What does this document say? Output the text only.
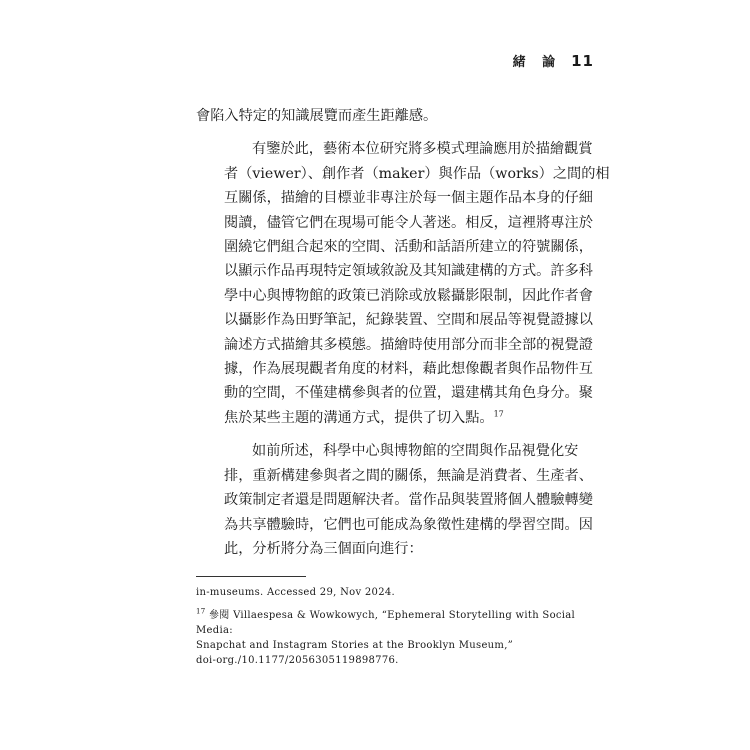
緒 論 11

會陷入特定的知識展覽而產生距離感。

有鑒於此，藝術本位研究將多模式理論應用於描繪觀賞
者（viewer）、創作者（maker）與作品（works）之間的相
互關係，描繪的目標並非專注於每一個主題作品本身的仔細
閱讀，儘管它們在現場可能令人著迷。相反，這裡將專注於
圍繞它們組合起來的空間、活動和話語所建立的符號關係，
以顯示作品再現特定領域敘說及其知識建構的方式。許多科
學中心與博物館的政策已消除或放鬆攝影限制，因此作者會
以攝影作為田野筆記，紀錄裝置、空間和展品等視覺證據以
論述方式描繪其多模態。描繪時使用部分而非全部的視覺證
據，作為展現觀者角度的材料，藉此想像觀者與作品物件互
動的空間，不僅建構參與者的位置，還建構其角色身分。聚
焦於某些主題的溝通方式，提供了切入點。$^{17}$

如前所述，科學中心與博物館的空間與作品視覺化安
排，重新構建參與者之間的關係，無論是消費者、生產者、
政策制定者還是問題解決者。當作品與裝置將個人體驗轉變
為共享體驗時，它們也可能成為象徵性建構的學習空間。因
此，分析將分為三個面向進行：

in-museums. Accessed 29, Nov 2024.

$^{17}$ 參閱 Villaespesa & Wowkowych, “Ephemeral Storytelling with Social Media:
Snapchat and Instagram Stories at the Brooklyn Museum,”
doi-org./10.1177/2056305119898776.
